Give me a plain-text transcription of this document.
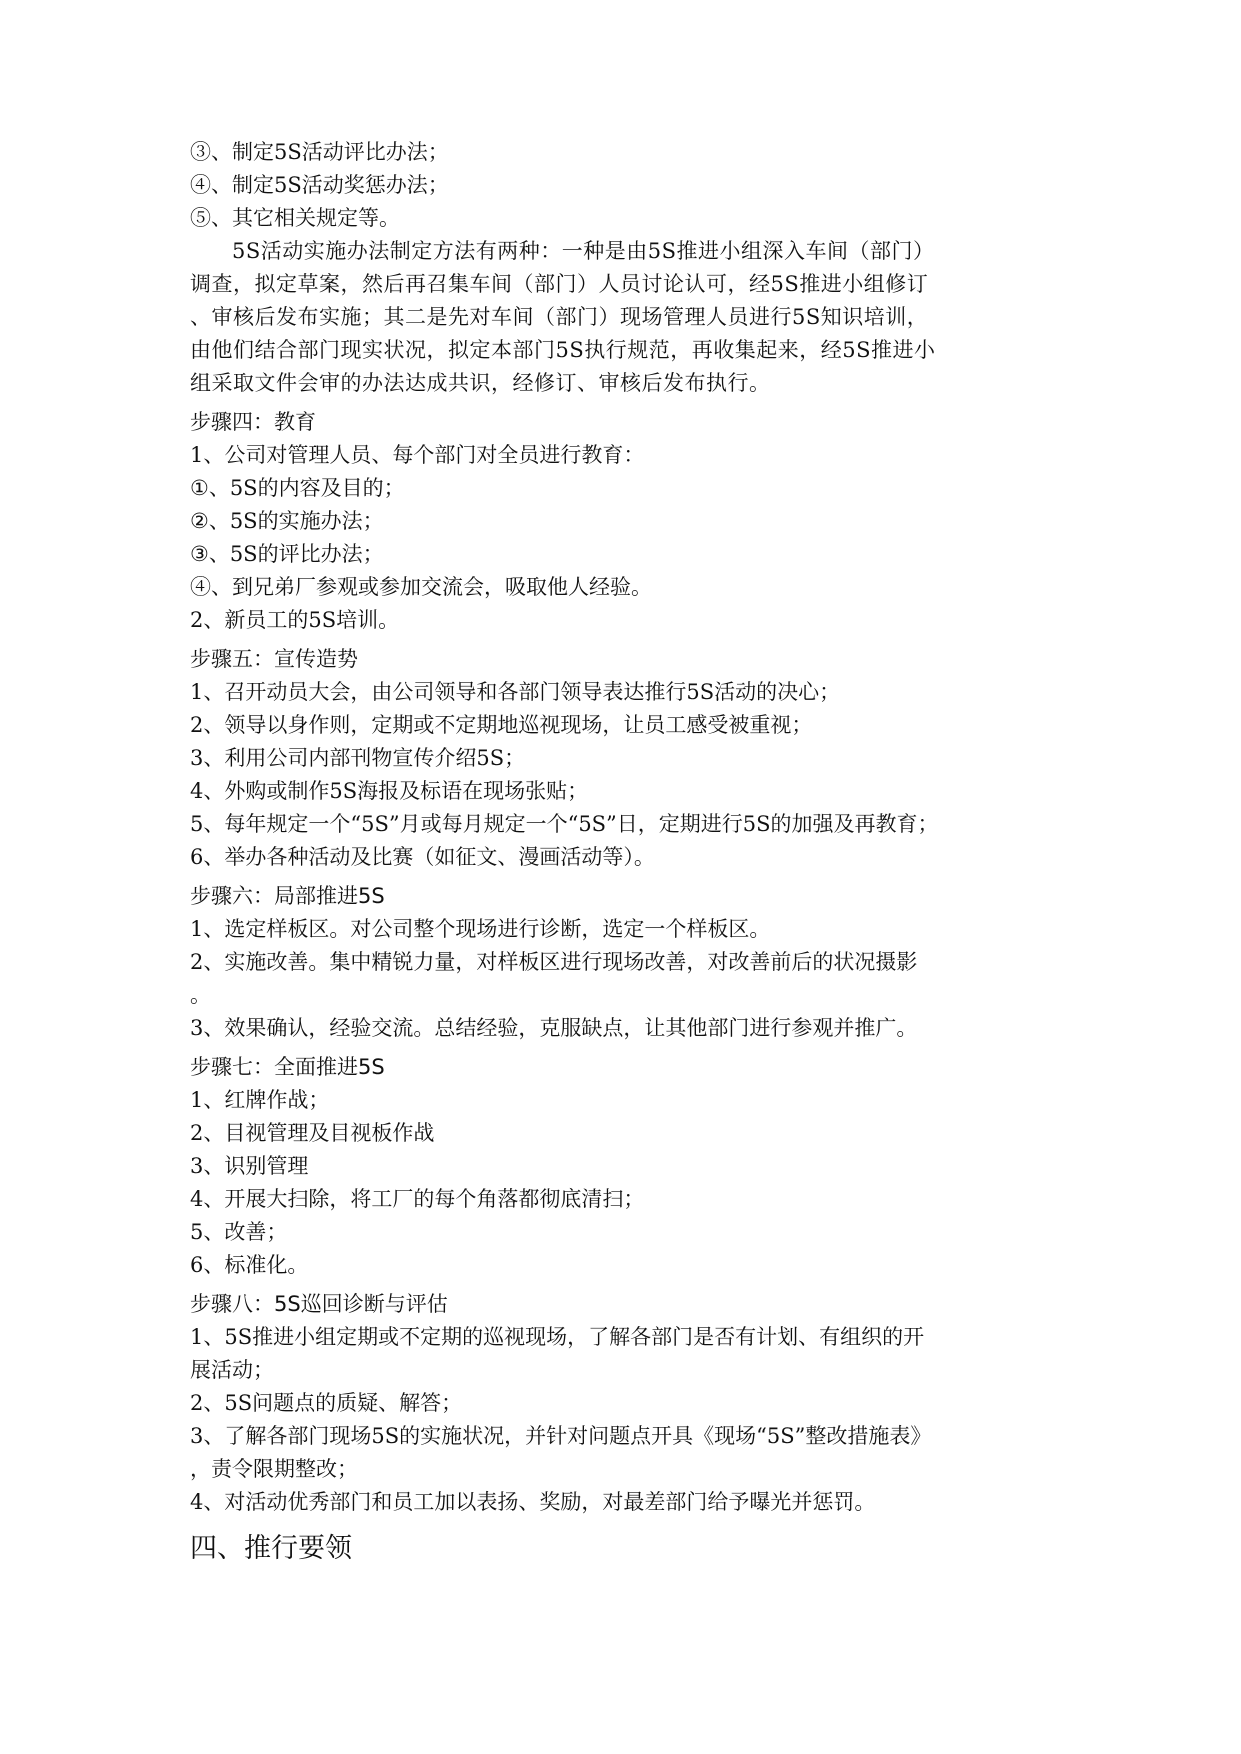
③、制定5S活动评比办法；
④、制定5S活动奖惩办法；
⑤、其它相关规定等。
5S活动实施办法制定方法有两种：一种是由5S推进小组深入车间（部门）
调查，拟定草案，然后再召集车间（部门）人员讨论认可，经5S推进小组修订
、审核后发布实施；其二是先对车间（部门）现场管理人员进行5S知识培训，
由他们结合部门现实状况，拟定本部门5S执行规范，再收集起来，经5S推进小
组采取文件会审的办法达成共识，经修订、审核后发布执行。
步骤四：教育
1、公司对管理人员、每个部门对全员进行教育：
①、5S的内容及目的；
②、5S的实施办法；
③、5S的评比办法；
④、到兄弟厂参观或参加交流会，吸取他人经验。
2、新员工的5S培训。
步骤五：宣传造势
1、召开动员大会，由公司领导和各部门领导表达推行5S活动的决心；
2、领导以身作则，定期或不定期地巡视现场，让员工感受被重视；
3、利用公司内部刊物宣传介绍5S；
4、外购或制作5S海报及标语在现场张贴；
5、每年规定一个“5S”月或每月规定一个“5S”日，定期进行5S的加强及再教育；
6、举办各种活动及比赛（如征文、漫画活动等）。
步骤六：局部推进5S
1、选定样板区。对公司整个现场进行诊断，选定一个样板区。
2、实施改善。集中精锐力量，对样板区进行现场改善，对改善前后的状况摄影
。
3、效果确认，经验交流。总结经验，克服缺点，让其他部门进行参观并推广。
步骤七：全面推进5S
1、红牌作战；
2、目视管理及目视板作战
3、识别管理
4、开展大扫除，将工厂的每个角落都彻底清扫；
5、改善；
6、标准化。
步骤八：5S巡回诊断与评估
1、5S推进小组定期或不定期的巡视现场，了解各部门是否有计划、有组织的开
展活动；
2、5S问题点的质疑、解答；
3、了解各部门现场5S的实施状况，并针对问题点开具《现场“5S”整改措施表》
，责令限期整改；
4、对活动优秀部门和员工加以表扬、奖励，对最差部门给予曝光并惩罚。
四、推行要领
